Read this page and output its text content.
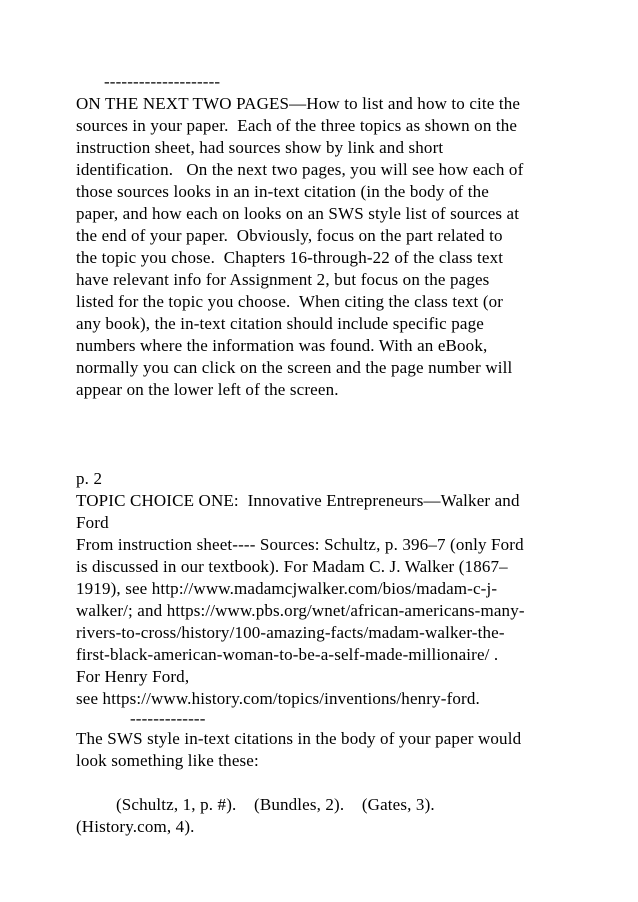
--------------------
ON THE NEXT TWO PAGES—How to list and how to cite the
sources in your paper.  Each of the three topics as shown on the
instruction sheet, had sources show by link and short
identification.   On the next two pages, you will see how each of
those sources looks in an in-text citation (in the body of the
paper, and how each on looks on an SWS style list of sources at
the end of your paper.  Obviously, focus on the part related to
the topic you chose.  Chapters 16-through-22 of the class text
have relevant info for Assignment 2, but focus on the pages
listed for the topic you choose.  When citing the class text (or
any book), the in-text citation should include specific page
numbers where the information was found. With an eBook,
normally you can click on the screen and the page number will
appear on the lower left of the screen.
p. 2
TOPIC CHOICE ONE:  Innovative Entrepreneurs—Walker and
Ford
From instruction sheet---- Sources: Schultz, p. 396–7 (only Ford
is discussed in our textbook). For Madam C. J. Walker (1867–
1919), see http://www.madamcjwalker.com/bios/madam-c-j-
walker/; and https://www.pbs.org/wnet/african-americans-many-
rivers-to-cross/history/100-amazing-facts/madam-walker-the-
first-black-american-woman-to-be-a-self-made-millionaire/ .
For Henry Ford,
see https://www.history.com/topics/inventions/henry-ford.
-------------
The SWS style in-text citations in the body of your paper would
look something like these:
(Schultz, 1, p. #).    (Bundles, 2).    (Gates, 3).
(History.com, 4).
